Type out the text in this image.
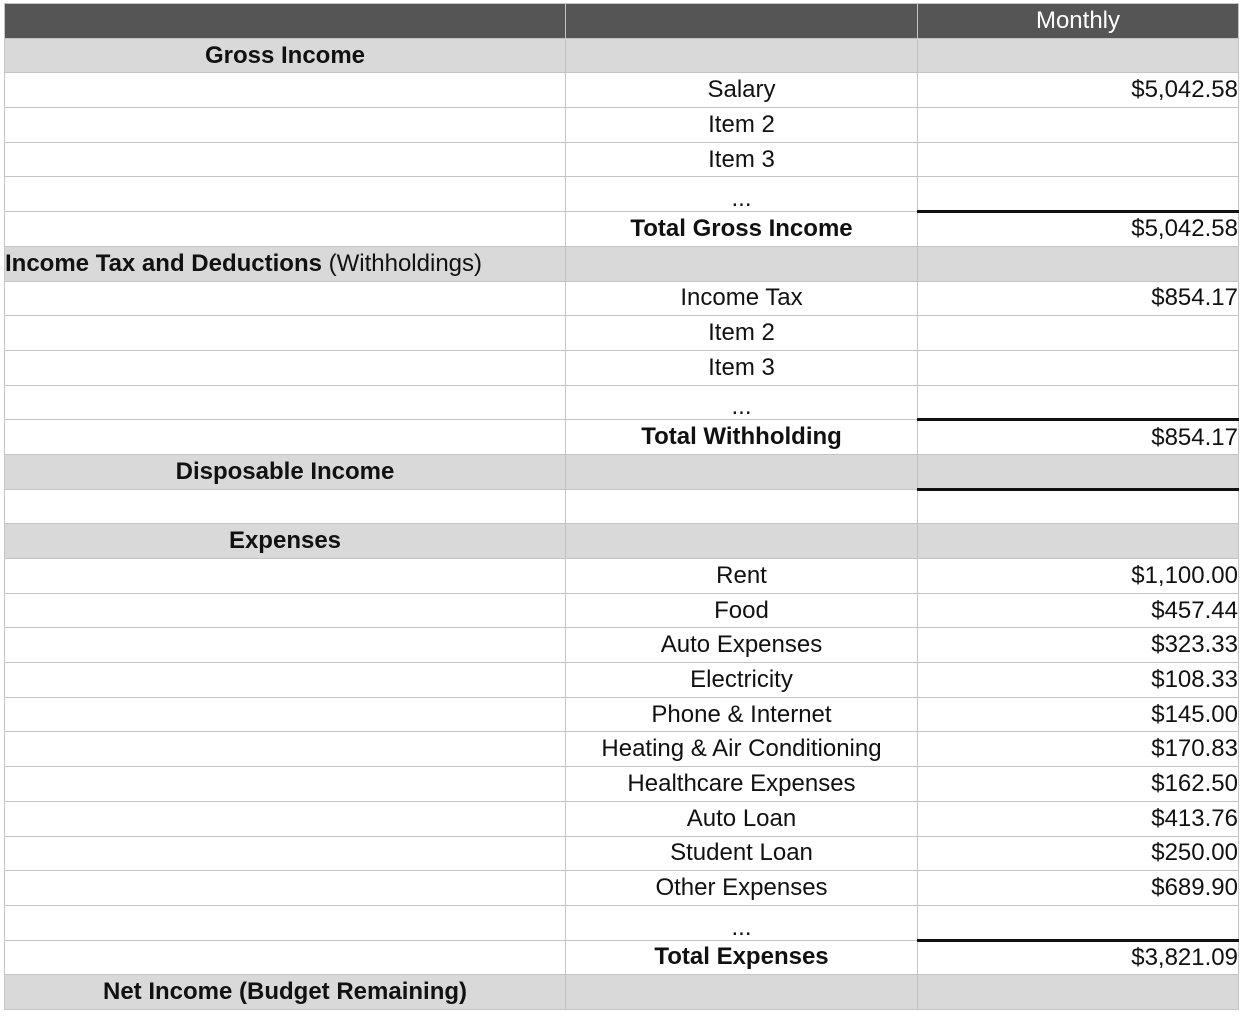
		Monthly
Gross Income		
	Salary	$5,042.58
	Item 2	
	Item 3	
	...	
	Total Gross Income	$5,042.58
Income Tax and Deductions (Withholdings)		
	Income Tax	$854.17
	Item 2	
	Item 3	
	...	
	Total Withholding	$854.17
Disposable Income		

Expenses		
	Rent	$1,100.00
	Food	$457.44
	Auto Expenses	$323.33
	Electricity	$108.33
	Phone & Internet	$145.00
	Heating & Air Conditioning	$170.83
	Healthcare Expenses	$162.50
	Auto Loan	$413.76
	Student Loan	$250.00
	Other Expenses	$689.90
	...	
	Total Expenses	$3,821.09
Net Income (Budget Remaining)		
